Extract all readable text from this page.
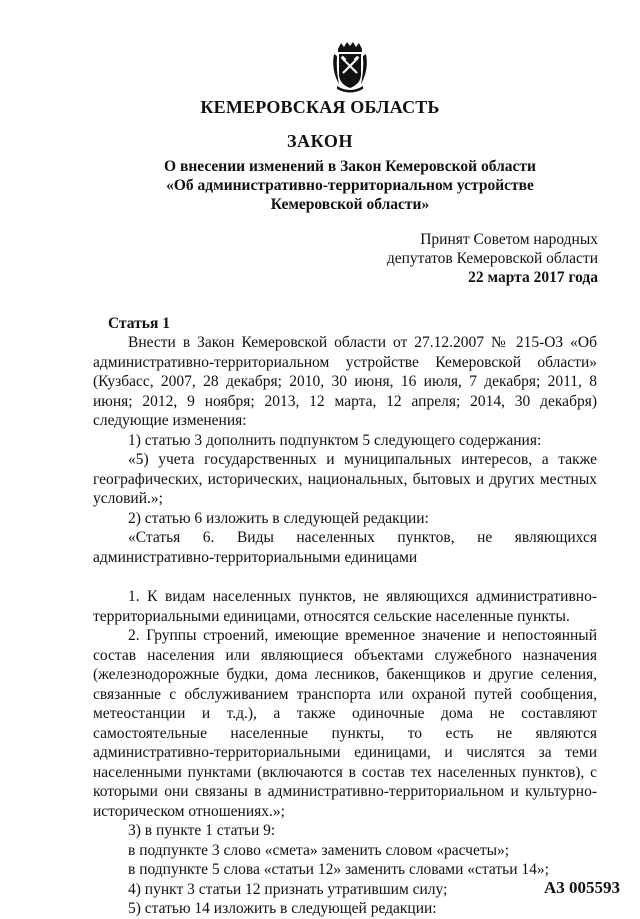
КЕМЕРОВСКАЯ ОБЛАСТЬ
ЗАКОН
О внесении изменений в Закон Кемеровской области
«Об административно-территориальном устройстве
Кемеровской области»
Принят Советом народных
депутатов Кемеровской области
22 марта 2017 года
Статья 1

Внести в Закон Кемеровской области от 27.12.2007 № 215-ОЗ «Об административно-территориальном устройстве Кемеровской области» (Кузбасс, 2007, 28 декабря; 2010, 30 июня, 16 июля, 7 декабря; 2011, 8 июня; 2012, 9 ноября; 2013, 12 марта, 12 апреля; 2014, 30 декабря) следующие изменения:

1) статью 3 дополнить подпунктом 5 следующего содержания:

«5) учета государственных и муниципальных интересов, а также географических, исторических, национальных, бытовых и других местных условий.»;

2) статью 6 изложить в следующей редакции:

«Статья 6. Виды населенных пунктов, не являющихся административно-территориальными единицами

1. К видам населенных пунктов, не являющихся административно-территориальными единицами, относятся сельские населенные пункты.

2. Группы строений, имеющие временное значение и непостоянный состав населения или являющиеся объектами служебного назначения (железнодорожные будки, дома лесников, бакенщиков и другие селения, связанные с обслуживанием транспорта или охраной путей сообщения, метеостанции и т.д.), а также одиночные дома не составляют самостоятельные населенные пункты, то есть не являются административно-территориальными единицами, и числятся за теми населенными пунктами (включаются в состав тех населенных пунктов), с которыми они связаны в административно-территориальном и культурно-историческом отношениях.»;

3) в пункте 1 статьи 9:

в подпункте 3 слово «смета» заменить словом «расчеты»;

в подпункте 5 слова «статьи 12» заменить словами «статьи 14»;

4) пункт 3 статьи 12 признать утратившим силу;

5) статью 14 изложить в следующей редакции:

А3 005593
